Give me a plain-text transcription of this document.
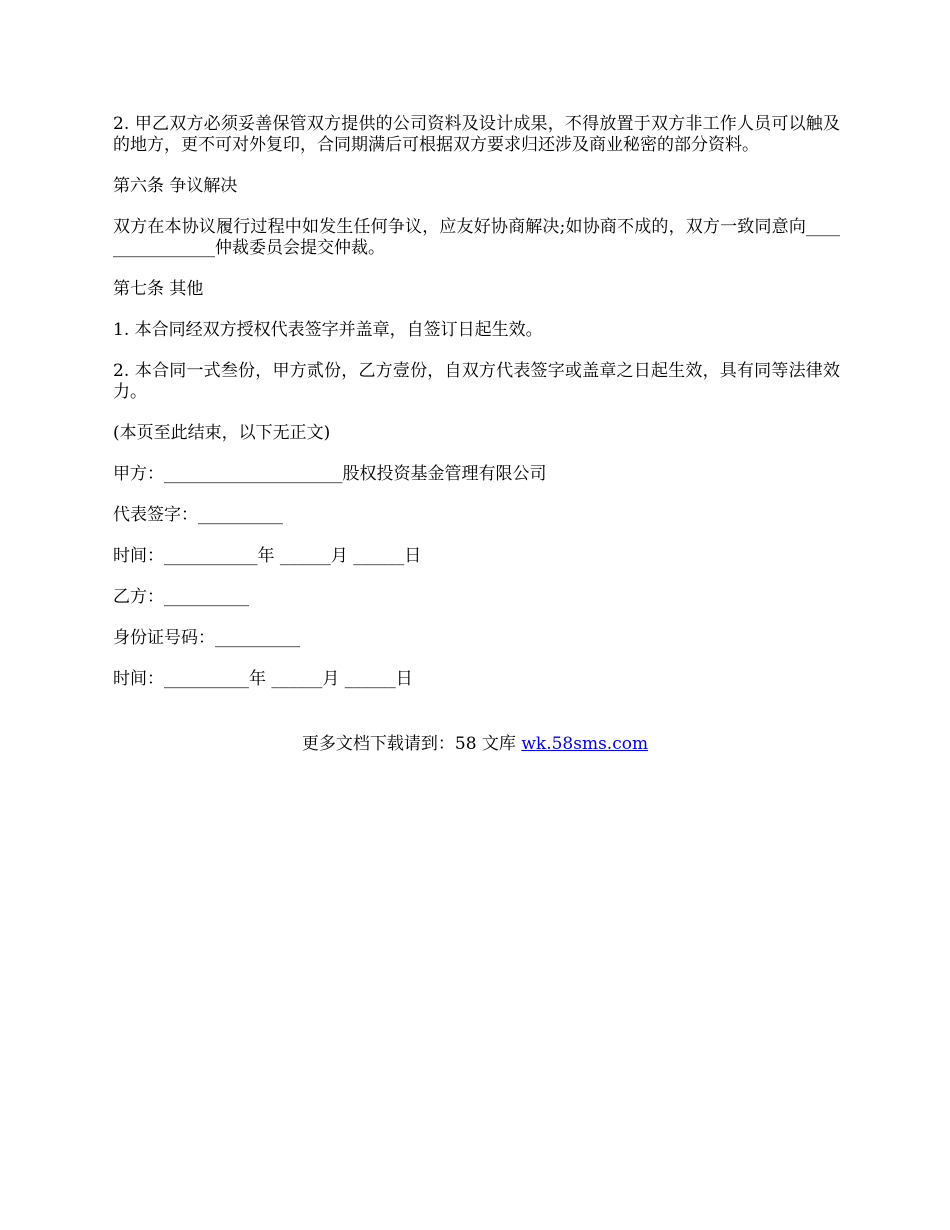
2. 甲乙双方必须妥善保管双方提供的公司资料及设计成果，不得放置于双方非工作人员可以触及的地方，更不可对外复印，合同期满后可根据双方要求归还涉及商业秘密的部分资料。

第六条 争议解决

双方在本协议履行过程中如发生任何争议，应友好协商解决;如协商不成的，双方一致同意向________________仲裁委员会提交仲裁。

第七条 其他

1. 本合同经双方授权代表签字并盖章，自签订日起生效。

2. 本合同一式叁份，甲方贰份，乙方壹份，自双方代表签字或盖章之日起生效，具有同等法律效力。

(本页至此结束，以下无正文)

甲方：_____________________股权投资基金管理有限公司

代表签字：__________

时间：___________年 ______月 ______日

乙方：__________

身份证号码：__________

时间：__________年 ______月 ______日

更多文档下载请到：58 文库 wk.58sms.com
